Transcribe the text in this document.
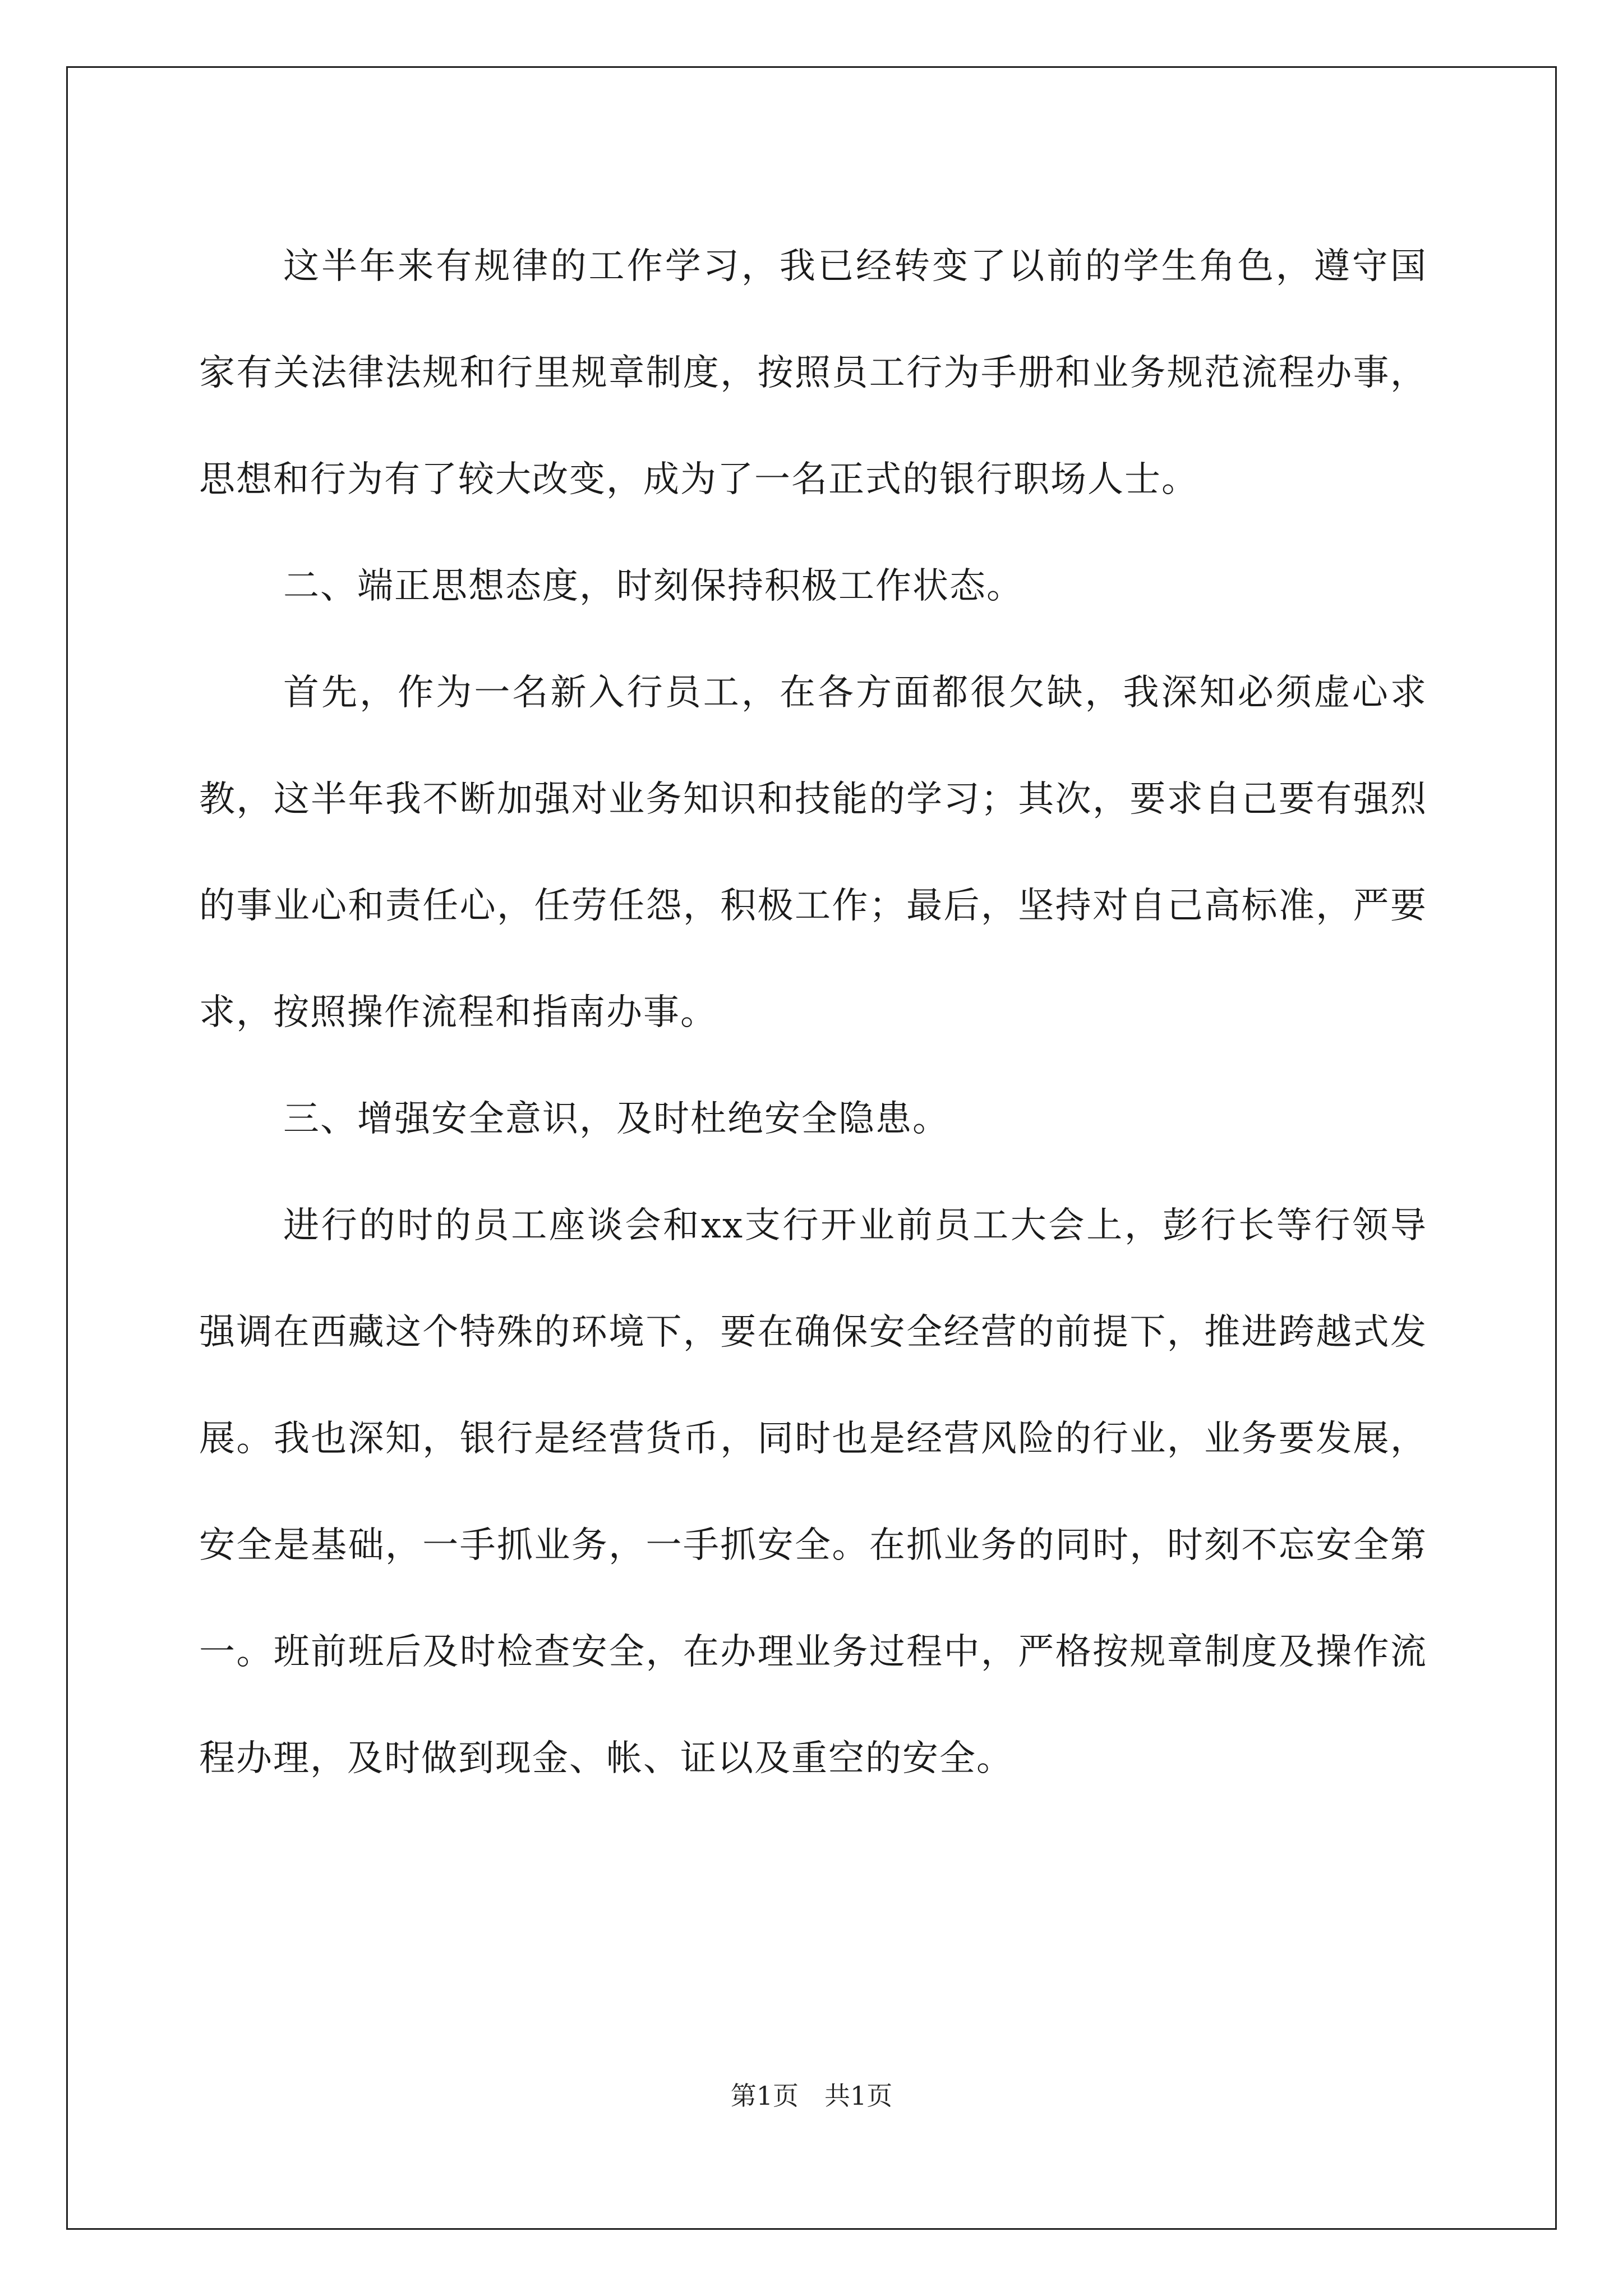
这半年来有规律的工作学习，我已经转变了以前的学生角色，遵守国家有关法律法规和行里规章制度，按照员工行为手册和业务规范流程办事，思想和行为有了较大改变，成为了一名正式的银行职场人士。

二、端正思想态度，时刻保持积极工作状态。

首先，作为一名新入行员工，在各方面都很欠缺，我深知必须虚心求教，这半年我不断加强对业务知识和技能的学习；其次，要求自己要有强烈的事业心和责任心，任劳任怨，积极工作；最后，坚持对自己高标准，严要求，按照操作流程和指南办事。

三、增强安全意识，及时杜绝安全隐患。

进行的时的员工座谈会和xx支行开业前员工大会上，彭行长等行领导强调在西藏这个特殊的环境下，要在确保安全经营的前提下，推进跨越式发展。我也深知，银行是经营货币，同时也是经营风险的行业，业务要发展，安全是基础，一手抓业务，一手抓安全。在抓业务的同时，时刻不忘安全第一。班前班后及时检查安全，在办理业务过程中，严格按规章制度及操作流程办理，及时做到现金、帐、证以及重空的安全。

第1页　共1页
